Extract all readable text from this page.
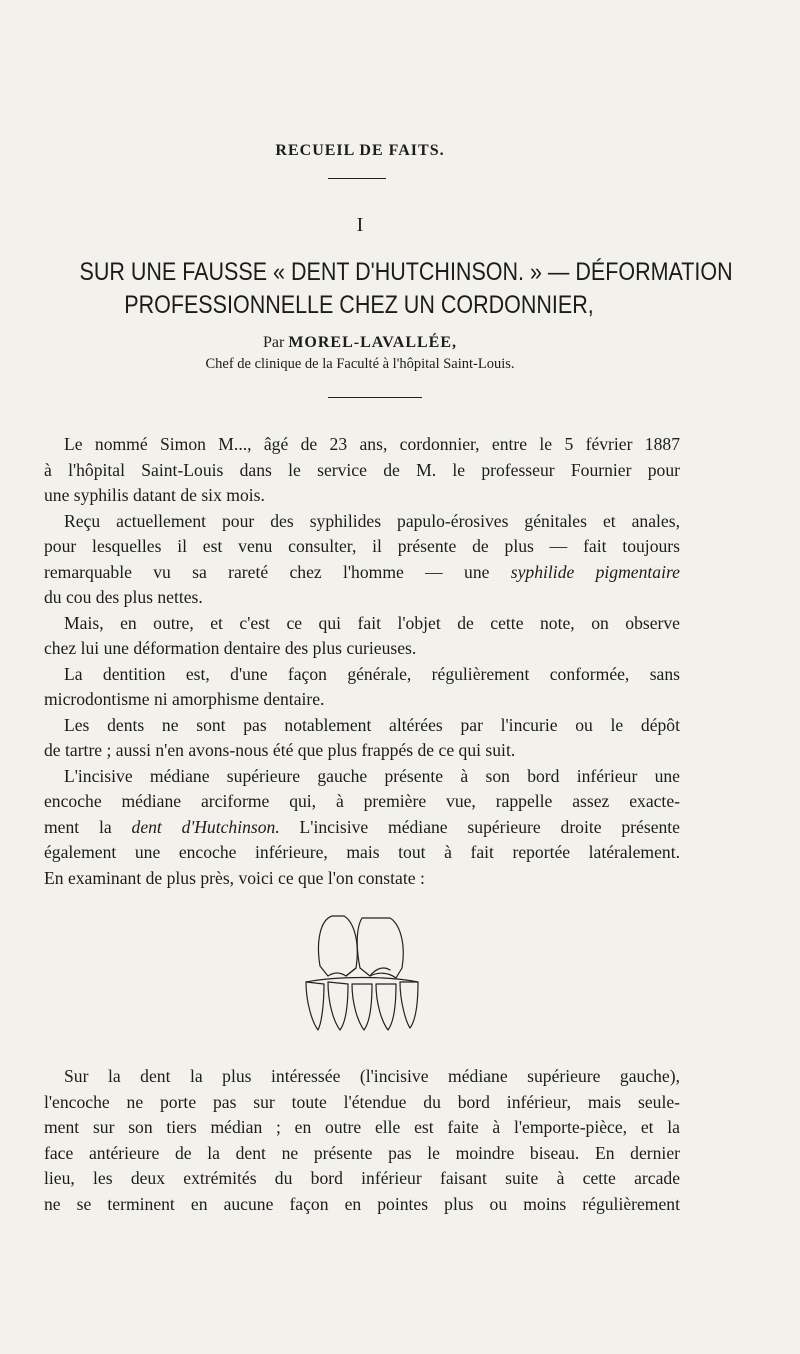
RECUEIL DE FAITS.
I
SUR UNE FAUSSE « DENT D'HUTCHINSON. » — DÉFORMATION
PROFESSIONNELLE CHEZ UN CORDONNIER,
Par MOREL-LAVALLÉE,
Chef de clinique de la Faculté à l'hôpital Saint-Louis.
Le nommé Simon M..., âgé de 23 ans, cordonnier, entre le 5 février 1887
à l'hôpital Saint-Louis dans le service de M. le professeur Fournier pour
une syphilis datant de six mois.
Reçu actuellement pour des syphilides papulo-érosives génitales et anales,
pour lesquelles il est venu consulter, il présente de plus — fait toujours
remarquable vu sa rareté chez l'homme — une syphilide pigmentaire
du cou des plus nettes.
Mais, en outre, et c'est ce qui fait l'objet de cette note, on observe
chez lui une déformation dentaire des plus curieuses.
La dentition est, d'une façon générale, régulièrement conformée, sans
microdontisme ni amorphisme dentaire.
Les dents ne sont pas notablement altérées par l'incurie ou le dépôt
de tartre ; aussi n'en avons-nous été que plus frappés de ce qui suit.
L'incisive médiane supérieure gauche présente à son bord inférieur une
encoche médiane arciforme qui, à première vue, rappelle assez exacte-
ment la dent d'Hutchinson. L'incisive médiane supérieure droite présente
également une encoche inférieure, mais tout à fait reportée latéralement.
En examinant de plus près, voici ce que l'on constate :
Sur la dent la plus intéressée (l'incisive médiane supérieure gauche),
l'encoche ne porte pas sur toute l'étendue du bord inférieur, mais seule-
ment sur son tiers médian ; en outre elle est faite à l'emporte-pièce, et la
face antérieure de la dent ne présente pas le moindre biseau. En dernier
lieu, les deux extrémités du bord inférieur faisant suite à cette arcade
ne se terminent en aucune façon en pointes plus ou moins régulièrement
